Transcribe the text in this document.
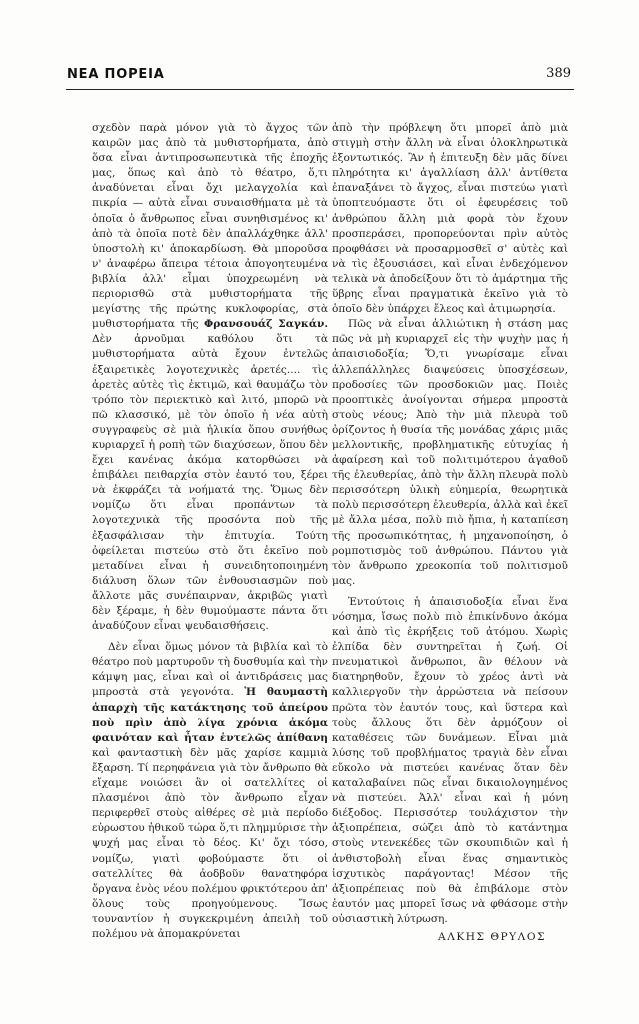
ΝΕΑ ΠΟΡΕΙΑ	389

σχεδὸν παρὰ μόνον γιὰ τὸ ἄγχος τῶν καιρῶν μας ἀπὸ τὰ μυθιστορήματα, ἀπὸ ὅσα εἶναι ἀντιπροσωπευτικὰ τῆς ἐποχῆς μας, ὅπως καὶ ἀπὸ τὸ θέατρο, ὅ,τι ἀναδύνεται εἶναι ὄχι μελαγχολία καὶ πικρία — αὐτὰ εἶναι συναισθήματα μὲ τὰ ὁποῖα ὁ ἄνθρωπος εἶναι συνηθισμένος κι' ἀπὸ τὰ ὁποῖα ποτὲ δὲν ἀπαλλάχθηκε ἀλλ' ὑποστολὴ κι' ἀποκαρδίωση. Θὰ μποροῦσα ν' ἀναφέρω ἄπειρα τέτοια ἀπογοητευμένα βιβλία ἀλλ' εἶμαι ὑποχρεωμένη νὰ περιορισθῶ στὰ μυθιστορήματα τῆς μεγίστης τῆς πρώτης κυκλοφορίας, στὰ μυθιστορήματα τῆς Φρανσουάζ Σαγκάν. Δὲν ἀρνοῦμαι καθόλου ὅτι τὰ μυθιστορήματα αὐτὰ ἔχουν ἐντελῶς ἐξαιρετικὲς λογοτεχνικὲς ἀρετές.... τὶς ἀρετὲς αὐτὲς τὶς ἐκτιμῶ, καὶ θαυμάζω τὸν τρόπο τὸν περιεκτικὸ καὶ λιτό, μπορῶ νὰ πῶ κλασσικό, μὲ τὸν ὁποῖο ἡ νέα αὐτὴ συγγραφεὺς σὲ μιὰ ἡλικία ὅπου συνήθως κυριαρχεῖ ἡ ροπὴ τῶν διαχύσεων, ὅπου δὲν ἔχει κανένας ἀκόμα κατορθώσει νὰ ἐπιβάλει πειθαρχία στὸν ἑαυτό του, ξέρει νὰ ἐκφράζει τὰ νοήματά της. Ὅμως δὲν νομίζω ὅτι εἶναι προπάντων τὰ λογοτεχνικὰ τῆς προσόντα ποὺ τῆς ἐξασφάλισαν τὴν ἐπιτυχία. Τούτη ὀφείλεται πιστεύω στὸ ὅτι ἐκεῖνο ποὺ μεταδίνει εἶναι ἡ συνειδητοποιημένη διάλυση ὅλων τῶν ἐνθουσιασμῶν ποὺ ἄλλοτε μᾶς συνέπαιρναν, ἀκριβῶς γιατὶ δὲν ξέραμε, ἡ δὲν θυμούμαστε πάντα ὅτι ἀναδύζουν εἶναι ψευδαισθήσεις.

Δὲν εἶναι ὅμως μόνον τὰ βιβλία καὶ τὸ θέατρο ποὺ μαρτυροῦν τὴ δυσθυμία καὶ τὴν κάμψη μας, εἶναι καὶ οἱ ἀντιδράσεις μας μπροστὰ στὰ γεγονότα. Ἡ θαυμαστὴ ἁπαρχὴ τῆς κατάκτησης τοῦ ἀπείρου ποὺ πρὶν ἀπὸ λίγα χρόνια ἀκόμα φαινόταν καὶ ἦταν ἐντελῶς ἀπίθανη καὶ φανταστικὴ δὲν μᾶς χαρίσε καμμιὰ ἔξαρση. Τί περηφάνεια γιὰ τὸν ἄνθρωπο θὰ εἴχαμε νοιώσει ἂν οἱ σατελλίτες οἱ πλασμένοι ἀπὸ τὸν ἄνθρωπο εἶχαν περιφερθεῖ στοὺς αἰθέρες σὲ μιὰ περίοδο εὐρωστου ἠθικοῦ τώρα ὅ,τι πλημμύρισε τὴν ψυχή μας εἶναι τὸ δέος. Κι' ὄχι τόσο, νομίζω, γιατὶ φοβούμαστε ὅτι οἱ σατελλίτες θὰ ἀοδβοῦν θανατηφόρα ὄργανα ἐνὸς νέου πολέμου φρικτότερου ἀπ' ὅλους τοὺς προηγούμενους. Ἴσως τουναντίον ἡ συγκεκριμένη ἀπειλὴ τοῦ πολέμου νὰ ἀπομακρύνεται

ἀπὸ τὴν πρόβλεψη ὅτι μπορεῖ ἀπὸ μιὰ στιγμὴ στὴν ἄλλη νὰ εἶναι ὁλοκληρωτικὰ ἐξοντωτικός. Ἂν ἡ ἐπιτευξη δὲν μᾶς δίνει πληρότητα κι' ἀγαλλίαση ἀλλ' ἀντίθετα ἐπαναξάνει τὸ ἄγχος, εἶναι πιστεύω γιατὶ ὑποπτευόμαστε ὅτι οἱ ἐφευρέσεις τοῦ ἀνθρώπου ἄλλη μιὰ φορὰ τὸν ἔχουν προσπεράσει, προπορεύονται πρὶν αὐτὸς προφθάσει νὰ προσαρμοσθεῖ σ' αὐτὲς καὶ νὰ τὶς ἐξουσιάσει, καὶ εἶναι ἐνδεχόμενον τελικὰ νὰ ἀποδείξουν ὅτι τὸ ἁμάρτημα τῆς ὕβρης εἶναι πραγματικὰ ἐκεῖνο γιὰ τὸ ὁποῖο δὲν ὑπάρχει ἔλεος καὶ ἀτιμωρησία.

Πῶς νὰ εἶναι ἀλλιώτικη ἡ στάση μας πῶς νὰ μὴ κυριαρχεῖ εἰς τὴν ψυχὴν μας ἡ ἀπαισιοδοξία; Ὅ,τι γνωρίσαμε εἶναι ἀλλεπάλληλες διαψεύσεις ὑποσχέσεων, προδοσίες τῶν προσδοκιῶν μας. Ποιὲς προοπτικὲς ἀνοίγονται σήμερα μπροστὰ στοὺς νέους; Ἀπὸ τὴν μιὰ πλευρὰ τοῦ ὁρίζοντος ἡ θυσία τῆς μονάδας χάρις μιᾶς μελλοντικῆς, προβληματικῆς εὐτυχίας ἡ ἀφαίρεση καὶ τοῦ πολιτιμότερου ἀγαθοῦ τῆς ἐλευθερίας, ἀπὸ τὴν ἄλλη πλευρὰ πολὺ περισσότερη ὑλικὴ εὐημερία, θεωρητικὰ πολὺ περισσότερη ἐλευθερία, ἀλλὰ καὶ ἐκεῖ μὲ ἄλλα μέσα, πολὺ πιὸ ἤπια, ἡ καταπίεση τῆς προσωπικότητας, ἡ μηχανοποίηση, ὁ ρομποτισμὸς τοῦ ἀνθρώπου. Πάντου γιὰ τὸν ἄνθρωπο χρεοκοπία τοῦ πολιτισμοῦ μας.

Ἐντούτοις ἡ ἀπαισιοδοξία εἶναι ἕνα νόσημα, ἴσως πολὺ πιὸ ἐπικίνδυνο ἀκόμα καὶ ἀπὸ τὶς ἐκρήξεις τοῦ ἀτόμου. Χωρὶς ἐλπίδα δὲν συντηρεῖται ἡ ζωή. Οἱ πνευματικοὶ ἄνθρωποι, ἂν θέλουν νὰ διατηρηθοῦν, ἔχουν τὸ χρέος ἀντὶ νὰ καλλιεργοῦν τὴν ἀρρώστεια νὰ πείσουν πρῶτα τὸν ἑαυτόν τους, καὶ ὕστερα καὶ τοὺς ἄλλους ὅτι δὲν ἁρμόζουν οἱ καταθέσεις τῶν δυνάμεων. Εἶναι μιὰ λύσης τοῦ προβλήματος τραγιὰ δὲν εἶναι εὔκολο νὰ πιστεύει κανένας ὅταν δὲν καταλαβαίνει πῶς εἶναι δικαιολογημένος νὰ πιστεύει. Ἀλλ' εἶναι καὶ ἡ μόνη διέξοδος. Περισσότερ τουλάχιστον τὴν ἀξιοπρέπεια, σώζει ἀπὸ τὸ κατάντημα στοὺς ντενεκέδες τῶν σκουπιδιῶν καὶ ἡ ἀνθιστοβολὴ εἶναι ἕνας σημαντικὸς ἰσχυτικὸς παράγοντας! Μέσον τῆς ἀξιοπρέπειας ποὺ θὰ ἐπιβάλομε στὸν ἑαυτόν μας μπορεῖ ἴσως νὰ φθάσομε στὴν οὐσιαστικὴ λύτρωση.

ΑΛΚΗΣ ΘΡΥΛΟΣ
